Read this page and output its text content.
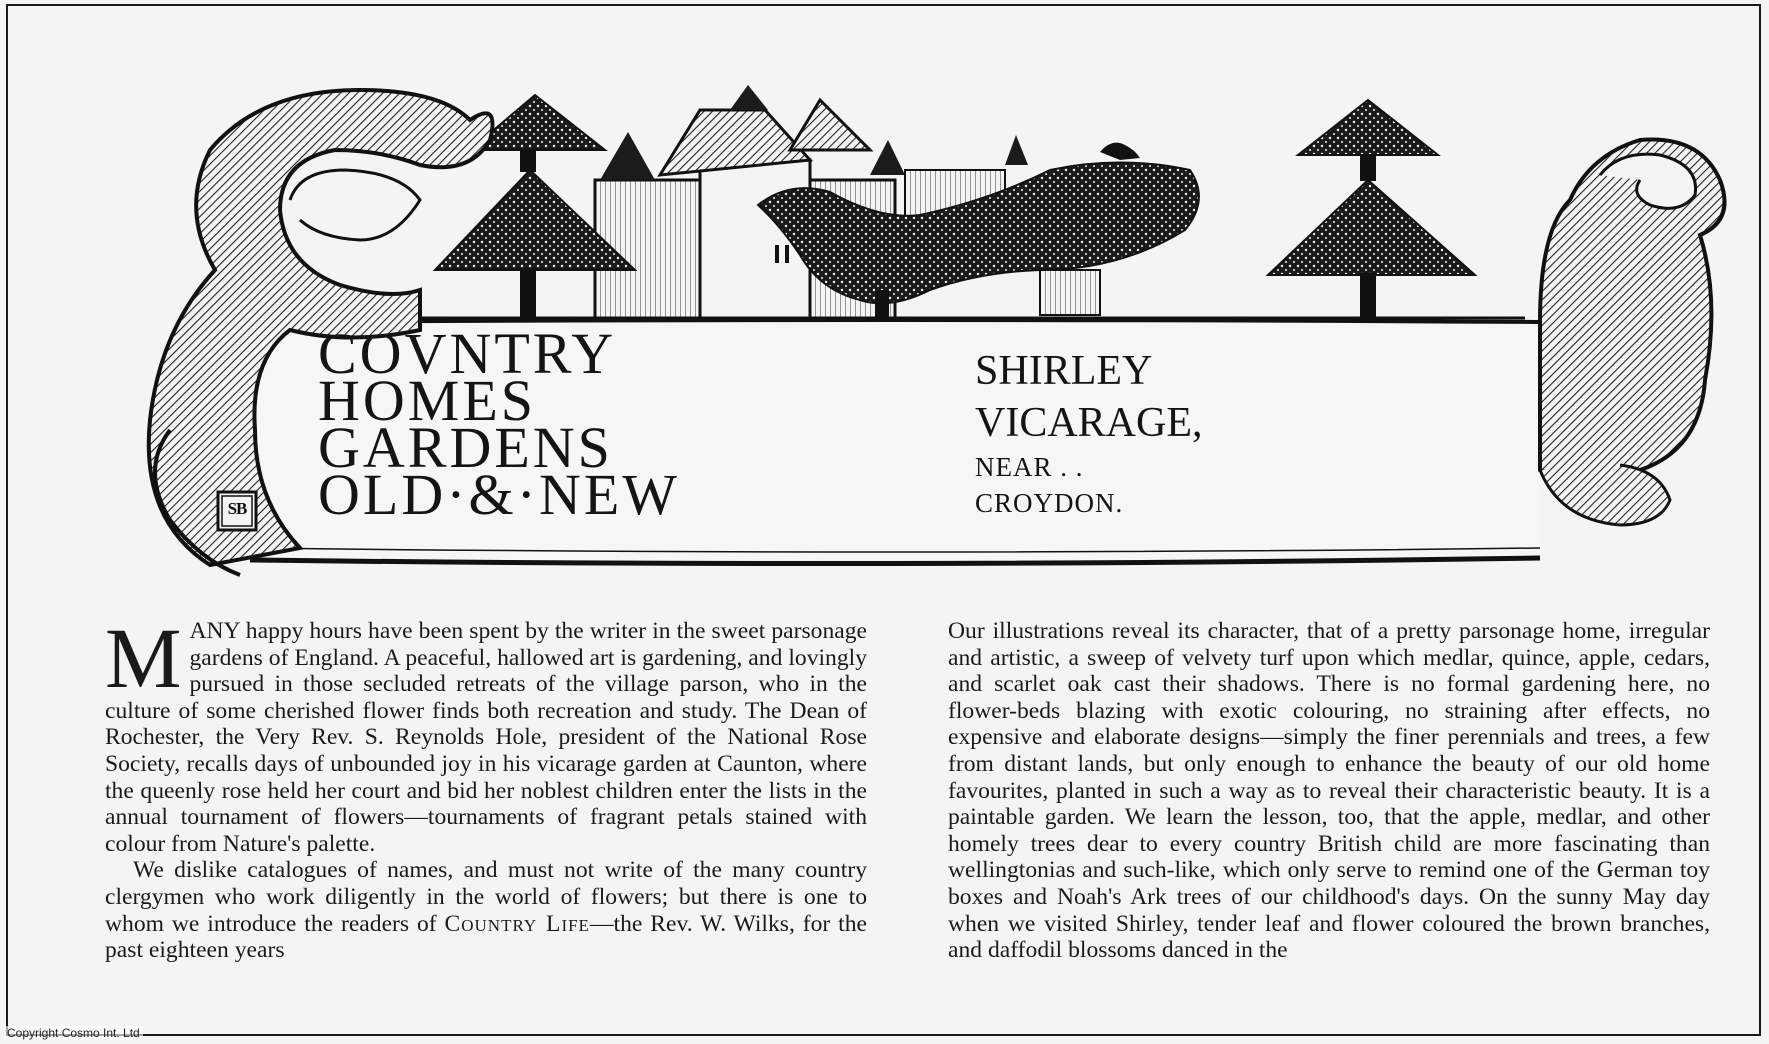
SB
COVNTRY
HOMES
GARDENS
OLD·&·NEW
SHIRLEY
VICARAGE,
NEAR . .
CROYDON.

MANY happy hours have been spent by the writer in the sweet parsonage gardens of England. A peaceful, hallowed art is gardening, and lovingly pursued in those secluded retreats of the village parson, who in the culture of some cherished flower finds both recreation and study. The Dean of Rochester, the Very Rev. S. Reynolds Hole, president of the National Rose Society, recalls days of unbounded joy in his vicarage garden at Caunton, where the queenly rose held her court and bid her noblest children enter the lists in the annual tournament of flowers—tournaments of fragrant petals stained with colour from Nature's palette.

We dislike catalogues of names, and must not write of the many country clergymen who work diligently in the world of flowers; but there is one to whom we introduce the readers of Country Life—the Rev. W. Wilks, for the past eighteen years

Our illustrations reveal its character, that of a pretty parsonage home, irregular and artistic, a sweep of velvety turf upon which medlar, quince, apple, cedars, and scarlet oak cast their shadows. There is no formal gardening here, no flower-beds blazing with exotic colouring, no straining after effects, no expensive and elaborate designs—simply the finer perennials and trees, a few from distant lands, but only enough to enhance the beauty of our old home favourites, planted in such a way as to reveal their characteristic beauty. It is a paintable garden. We learn the lesson, too, that the apple, medlar, and other homely trees dear to every country British child are more fascinating than wellingtonias and such-like, which only serve to remind one of the German toy boxes and Noah's Ark trees of our childhood's days. On the sunny May day when we visited Shirley, tender leaf and flower coloured the brown branches, and daffodil blossoms danced in the

Copyright Cosmo Int. Ltd
